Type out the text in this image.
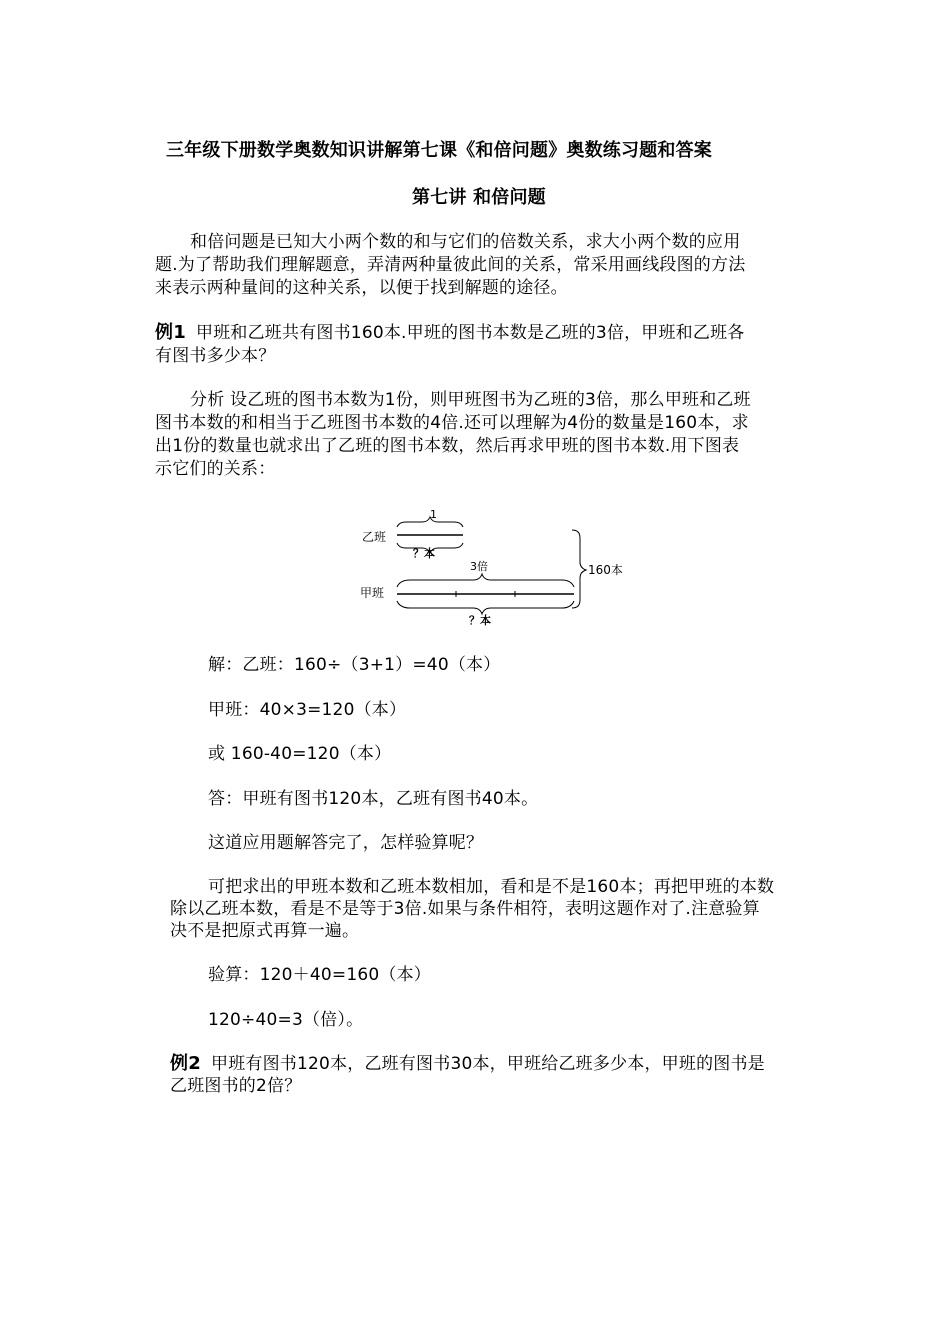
三年级下册数学奥数知识讲解第七课《和倍问题》奥数练习题和答案
第七讲 和倍问题
和倍问题是已知大小两个数的和与它们的倍数关系，求大小两个数的应用
题.为了帮助我们理解题意，弄清两种量彼此间的关系，常采用画线段图的方法
来表示两种量间的这种关系，以便于找到解题的途径。
例1 甲班和乙班共有图书160本.甲班的图书本数是乙班的3倍，甲班和乙班各
有图书多少本？
分析 设乙班的图书本数为1份，则甲班图书为乙班的3倍，那么甲班和乙班
图书本数的和相当于乙班图书本数的4倍.还可以理解为4份的数量是160本，求
出1份的数量也就求出了乙班的图书本数，然后再求甲班的图书本数.用下图表
示它们的关系：
乙班
1
？本
3倍
甲班
？本
160本
解：乙班：160÷（3+1）=40（本）
甲班：40×3=120（本）
或 160-40=120（本）
答：甲班有图书120本，乙班有图书40本。
这道应用题解答完了，怎样验算呢？
可把求出的甲班本数和乙班本数相加，看和是不是160本；再把甲班的本数
除以乙班本数，看是不是等于3倍.如果与条件相符，表明这题作对了.注意验算
决不是把原式再算一遍。
验算：120＋40=160（本）
120÷40=3（倍）。
例2 甲班有图书120本，乙班有图书30本，甲班给乙班多少本，甲班的图书是
乙班图书的2倍？
